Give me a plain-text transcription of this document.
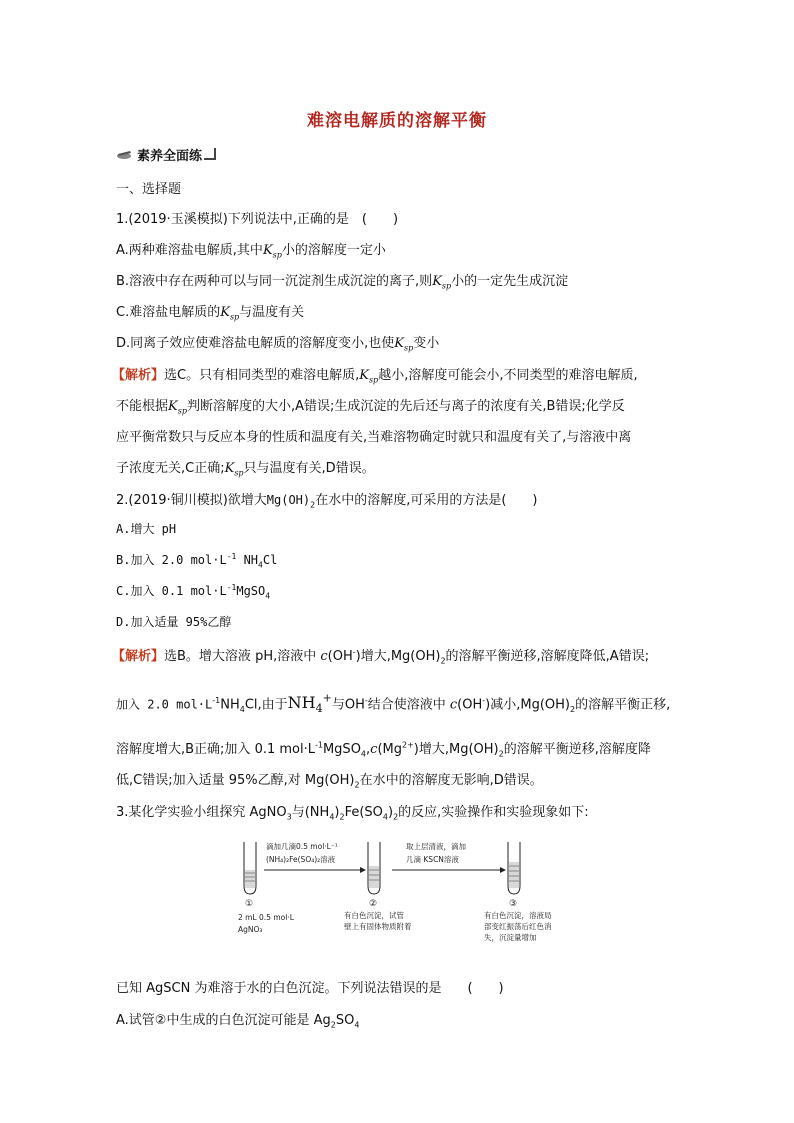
难溶电解质的溶解平衡
素养全面练
一、选择题
1.(2019·玉溪模拟)下列说法中,正确的是　(　　)
A.两种难溶盐电解质,其中$K_{sp}$小的溶解度一定小
B.溶液中存在两种可以与同一沉淀剂生成沉淀的离子,则$K_{sp}$小的一定先生成沉淀
C.难溶盐电解质的$K_{sp}$与温度有关
D.同离子效应使难溶盐电解质的溶解度变小,也使$K_{sp}$变小
【解析】选C。只有相同类型的难溶电解质$,K_{sp}$越小,溶解度可能会小,不同类型的难溶电解质,
不能根据$K_{sp}$判断溶解度的大小,A错误;生成沉淀的先后还与离子的浓度有关,B错误;化学反
应平衡常数只与反应本身的性质和温度有关,当难溶物确定时就只和温度有关了,与溶液中离
子浓度无关,C正确$;K_{sp}$只与温度有关,D错误。
2.(2019·铜川模拟)欲增大$Mg(OH)_2$在水中的溶解度,可采用的方法是(　　)
A.增大 pH
B.加入 2.0 $mol\cdot L^{-1}$ $NH_4Cl$
C.加入 0.1 $mol\cdot L^{-1}MgSO_4$
D.加入适量 95%乙醇
【解析】选B。增大溶液 pH,溶液中 c(OH-)增大$,Mg(OH)_2$的溶解平衡逆移,溶解度降低,A错误;
加入 2.0 $mol\cdot L^{-1}NH_4Cl$,由于$NH_4^+$与OH-结合使溶液中 c(OH-)减小$,Mg(OH)_2$的溶解平衡正移,
溶解度增大,B正确;加入 0.1 $mol\cdot L^{-1}MgSO_4,c(Mg^{2+})$增大$,Mg(OH)_2$的溶解平衡逆移,溶解度降
低,C错误;加入适量 95%乙醇,对 $Mg(OH)_2$在水中的溶解度无影响,D错误。
3.某化学实验小组探究 AgNO$_3$与$(NH_4)_2Fe(SO_4)_2$的反应,实验操作和实验现象如下:
滴加几滴0.5 mol·L⁻¹
(NH₄)₂Fe(SO₄)₂溶液
取上层清液，滴加
几滴 KSCN溶液
①	②	③
2 mL 0.5 mol·L
AgNO₃
有白色沉淀，试管
壁上有固体物质附着
有白色沉淀，溶液局
部变红振荡后红色消
失，沉淀量增加
已知 AgSCN 为难溶于水的白色沉淀。下列说法错误的是　　(　　)
A.试管②中生成的白色沉淀可能是 $Ag_2SO_4$
